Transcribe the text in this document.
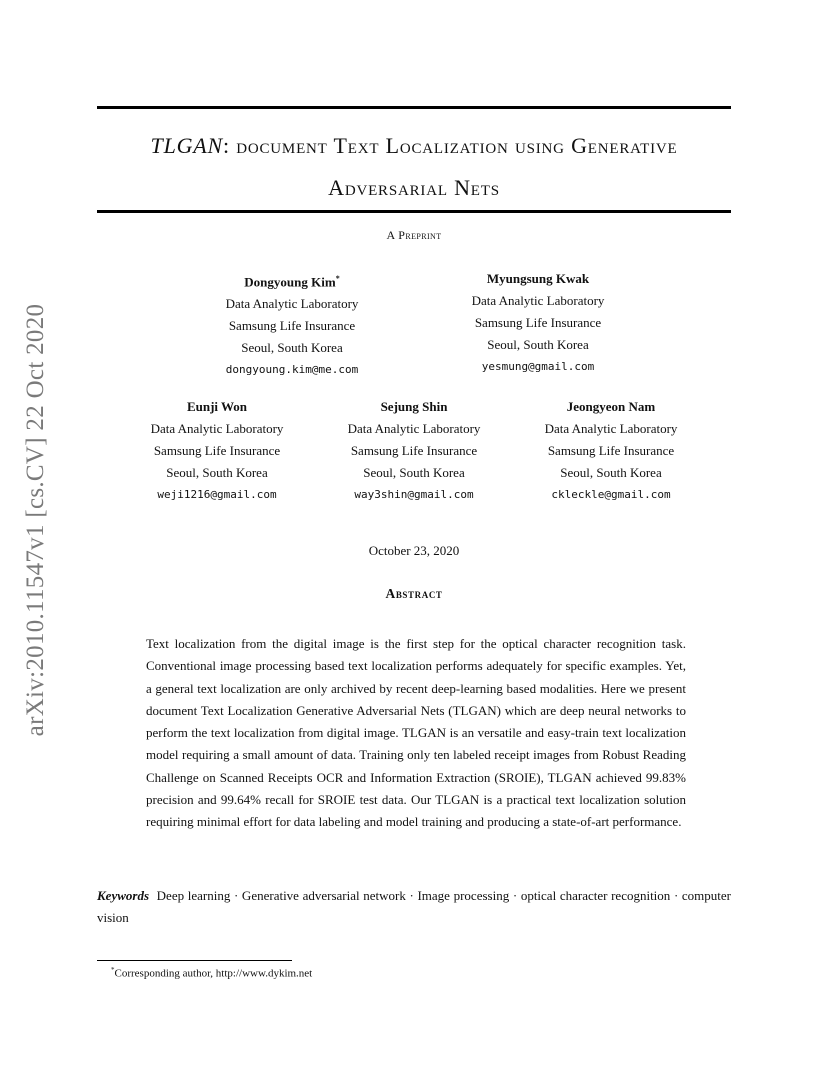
arXiv:2010.11547v1 [cs.CV] 22 Oct 2020
TLGAN: document Text Localization using Generative Adversarial Nets
A Preprint
Dongyoung Kim*
Data Analytic Laboratory
Samsung Life Insurance
Seoul, South Korea
dongyoung.kim@me.com
Myungsung Kwak
Data Analytic Laboratory
Samsung Life Insurance
Seoul, South Korea
yesmung@gmail.com
Eunji Won
Data Analytic Laboratory
Samsung Life Insurance
Seoul, South Korea
weji1216@gmail.com
Sejung Shin
Data Analytic Laboratory
Samsung Life Insurance
Seoul, South Korea
way3shin@gmail.com
Jeongyeon Nam
Data Analytic Laboratory
Samsung Life Insurance
Seoul, South Korea
ckleckle@gmail.com
October 23, 2020
Abstract
Text localization from the digital image is the first step for the optical character recognition task. Conventional image processing based text localization performs adequately for specific examples. Yet, a general text localization are only archived by recent deep-learning based modalities. Here we present document Text Localization Generative Adversarial Nets (TLGAN) which are deep neural networks to perform the text localization from digital image. TLGAN is an versatile and easy-train text localization model requiring a small amount of data. Training only ten labeled receipt images from Robust Reading Challenge on Scanned Receipts OCR and Information Extraction (SROIE), TLGAN achieved 99.83% precision and 99.64% recall for SROIE test data. Our TLGAN is a practical text localization solution requiring minimal effort for data labeling and model training and producing a state-of-art performance.
Keywords Deep learning · Generative adversarial network · Image processing · optical character recognition · computer vision
*Corresponding author, http://www.dykim.net
